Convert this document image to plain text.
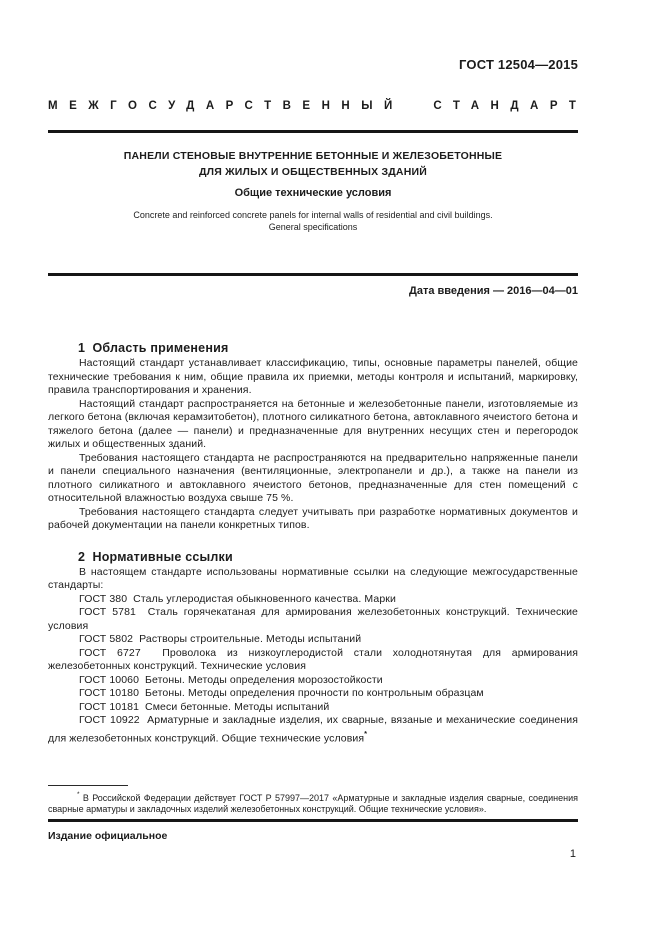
ГОСТ 12504—2015
МЕЖГОСУДАРСТВЕННЫЙ СТАНДАРТ
ПАНЕЛИ СТЕНОВЫЕ ВНУТРЕННИЕ БЕТОННЫЕ И ЖЕЛЕЗОБЕТОННЫЕ
ДЛЯ ЖИЛЫХ И ОБЩЕСТВЕННЫХ ЗДАНИЙ
Общие технические условия
Concrete and reinforced concrete panels for internal walls of residential and civil buildings.
General specifications
Дата введения — 2016—04—01
1  Область применения

Настоящий стандарт устанавливает классификацию, типы, основные параметры панелей, общие технические требования к ним, общие правила их приемки, методы контроля и испытаний, маркировку, правила транспортирования и хранения.

Настоящий стандарт распространяется на бетонные и железобетонные панели, изготовляемые из легкого бетона (включая керамзитобетон), плотного силикатного бетона, автоклавного ячеистого бетона и тяжелого бетона (далее — панели) и предназначенные для внутренних несущих стен и перегородок жилых и общественных зданий.

Требования настоящего стандарта не распространяются на предварительно напряженные панели и панели специального назначения (вентиляционные, электропанели и др.), а также на панели из плотного силикатного и автоклавного ячеистого бетонов, предназначенные для стен помещений с относительной влажностью воздуха свыше 75 %.

Требования настоящего стандарта следует учитывать при разработке нормативных документов и рабочей документации на панели конкретных типов.

2  Нормативные ссылки

В настоящем стандарте использованы нормативные ссылки на следующие межгосударственные стандарты:

ГОСТ 380  Сталь углеродистая обыкновенного качества. Марки

ГОСТ 5781  Сталь горячекатаная для армирования железобетонных конструкций. Технические условия

ГОСТ 5802  Растворы строительные. Методы испытаний

ГОСТ 6727  Проволока из низкоуглеродистой стали холоднотянутая для армирования железобетонных конструкций. Технические условия

ГОСТ 10060  Бетоны. Методы определения морозостойкости

ГОСТ 10180  Бетоны. Методы определения прочности по контрольным образцам

ГОСТ 10181  Смеси бетонные. Методы испытаний

ГОСТ 10922  Арматурные и закладные изделия, их сварные, вязаные и механические соединения для железобетонных конструкций. Общие технические условия*

* В Российской Федерации действует ГОСТ Р 57997—2017 «Арматурные и закладные изделия сварные, соединения сварные арматуры и закладочных изделий железобетонных конструкций. Общие технические условия».

Издание официальное
1
